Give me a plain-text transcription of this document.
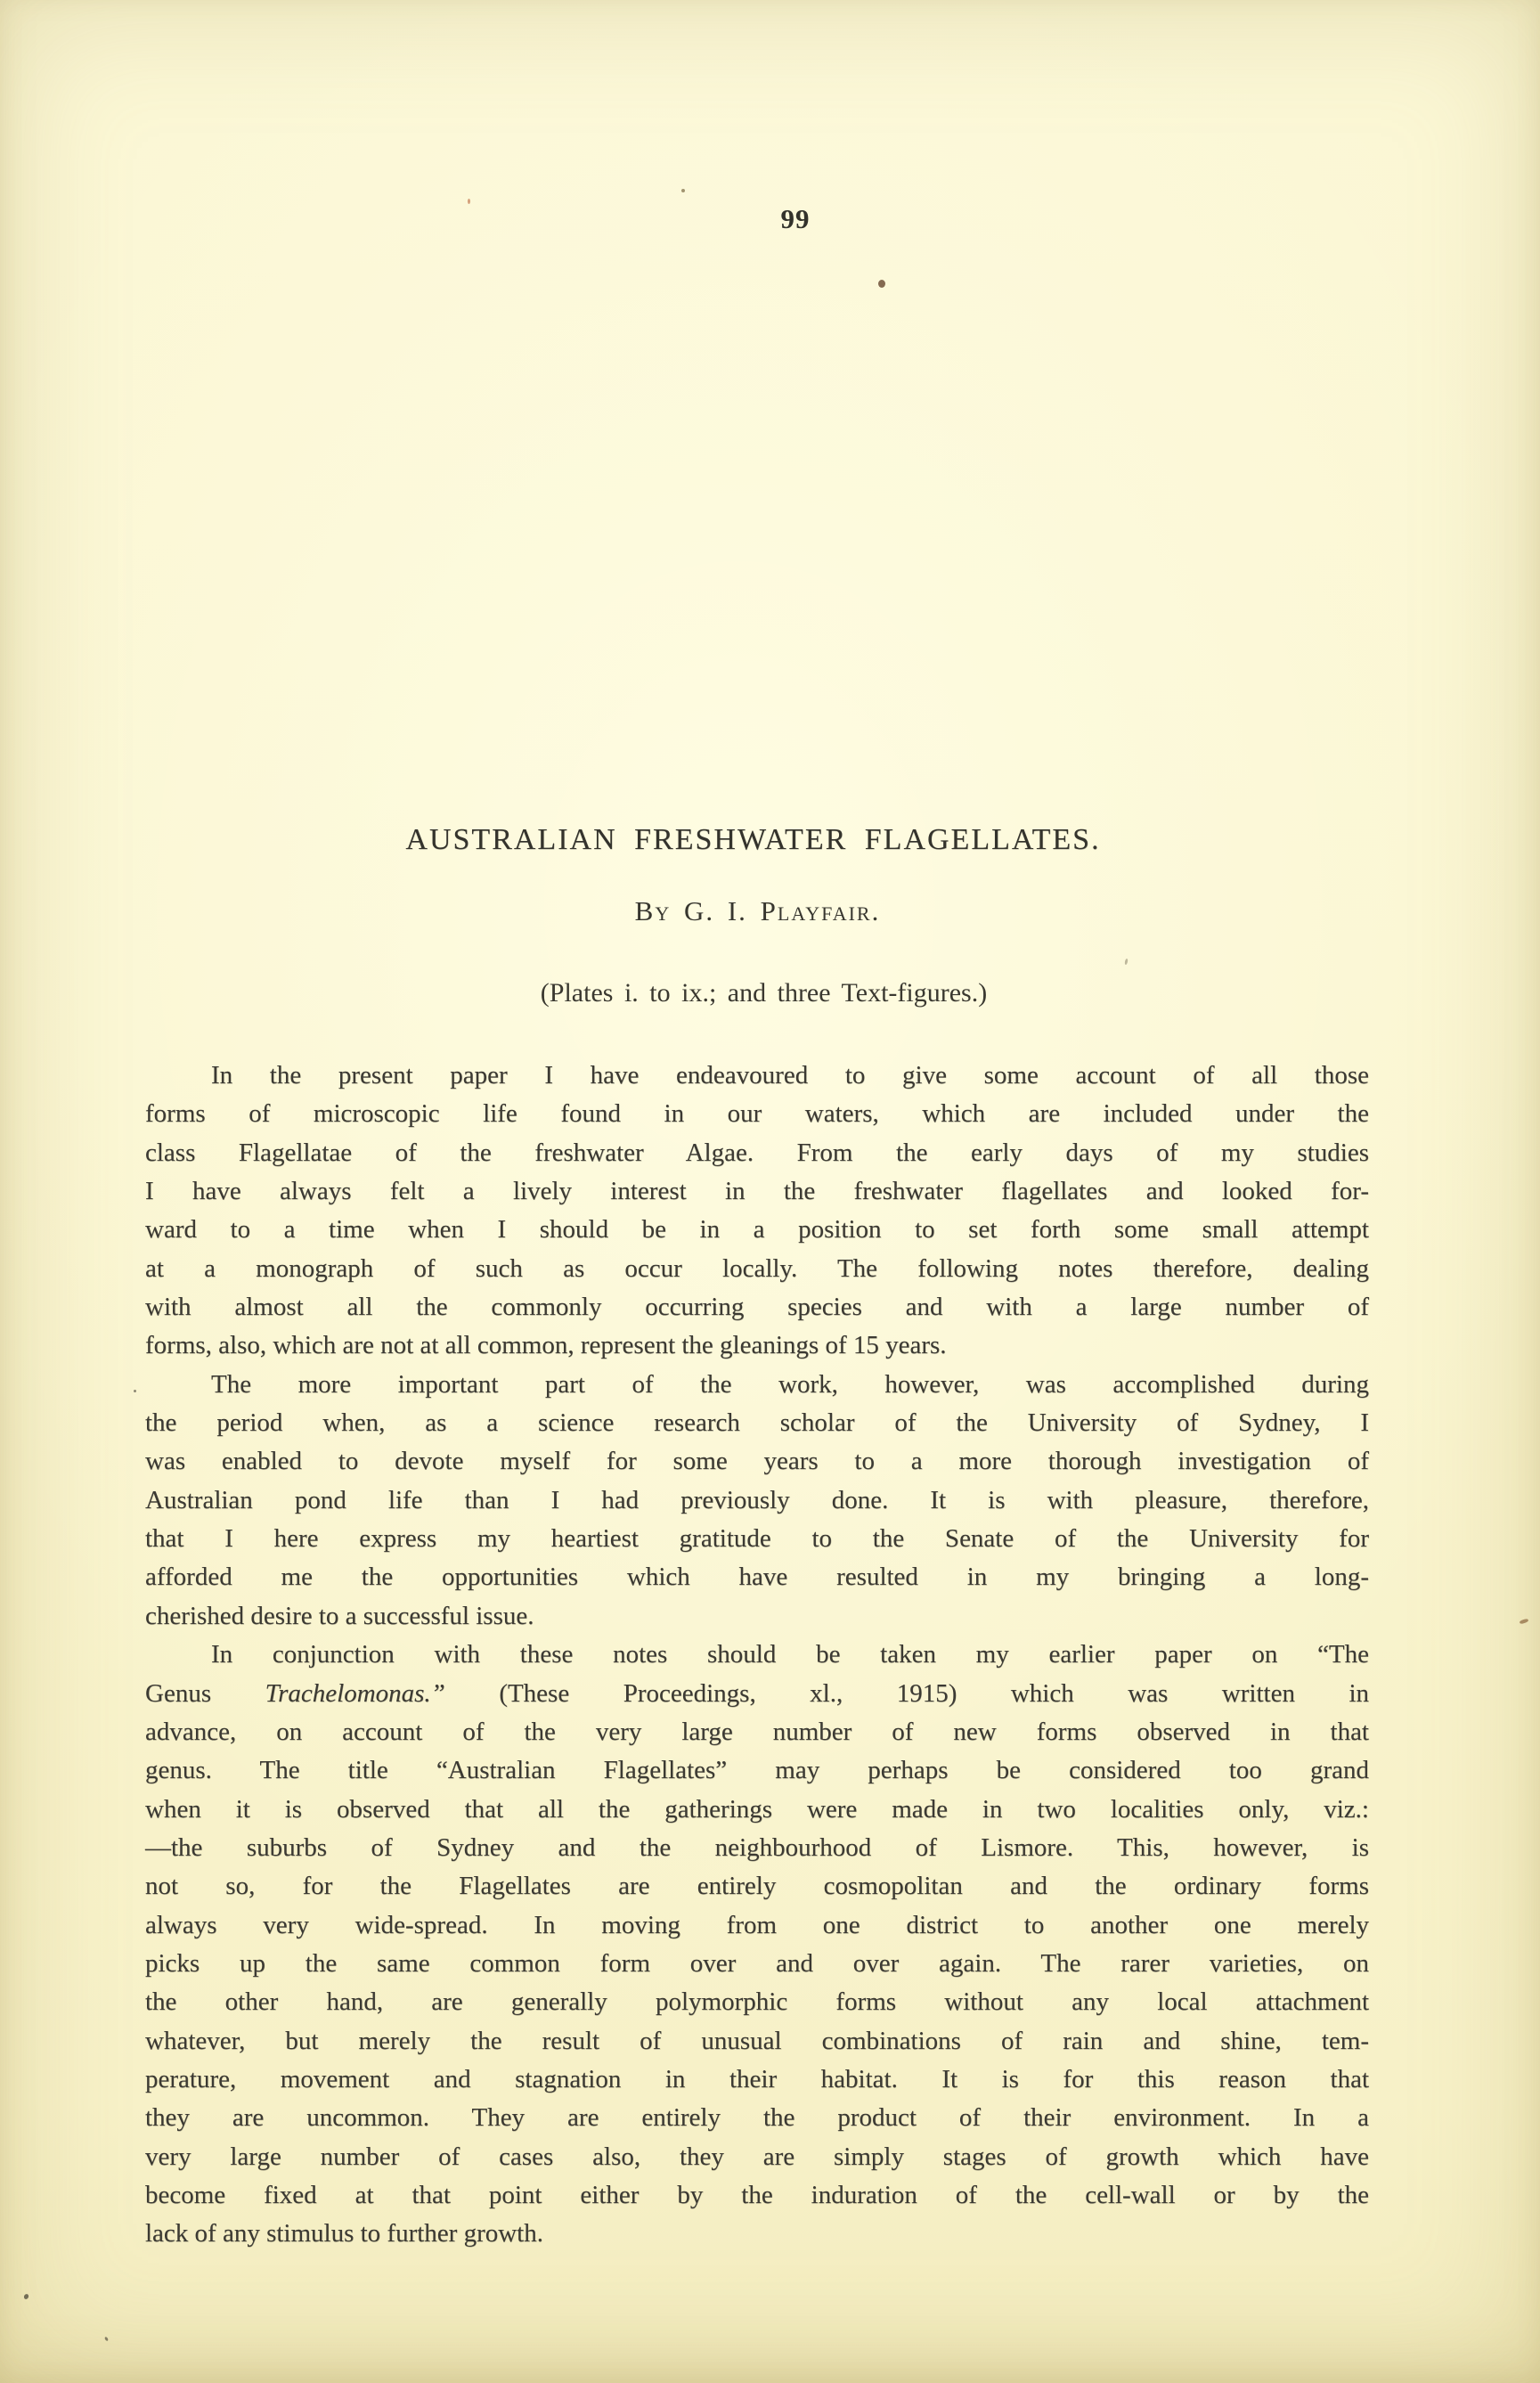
99
AUSTRALIAN FRESHWATER FLAGELLATES.
By G. I. Playfair.
(Plates i. to ix.; and three Text-figures.)
In the present paper I have endeavoured to give some account of all those
forms of microscopic life found in our waters, which are included under the
class Flagellatae of the freshwater Algae. From the early days of my studies
I have always felt a lively interest in the freshwater flagellates and looked for-
ward to a time when I should be in a position to set forth some small attempt
at a monograph of such as occur locally. The following notes therefore, dealing
with almost all the commonly occurring species and with a large number of
forms, also, which are not at all common, represent the gleanings of 15 years.
The more important part of the work, however, was accomplished during
the period when, as a science research scholar of the University of Sydney, I
was enabled to devote myself for some years to a more thorough investigation of
Australian pond life than I had previously done. It is with pleasure, therefore,
that I here express my heartiest gratitude to the Senate of the University for
afforded me the opportunities which have resulted in my bringing a long-
cherished desire to a successful issue.
In conjunction with these notes should be taken my earlier paper on “The
Genus Trachelomonas.” (These Proceedings, xl., 1915) which was written in
advance, on account of the very large number of new forms observed in that
genus. The title “Australian Flagellates” may perhaps be considered too grand
when it is observed that all the gatherings were made in two localities only, viz.:
—the suburbs of Sydney and the neighbourhood of Lismore. This, however, is
not so, for the Flagellates are entirely cosmopolitan and the ordinary forms
always very wide-spread. In moving from one district to another one merely
picks up the same common form over and over again. The rarer varieties, on
the other hand, are generally polymorphic forms without any local attachment
whatever, but merely the result of unusual combinations of rain and shine, tem-
perature, movement and stagnation in their habitat. It is for this reason that
they are uncommon. They are entirely the product of their environment. In a
very large number of cases also, they are simply stages of growth which have
become fixed at that point either by the induration of the cell-wall or by the
lack of any stimulus to further growth.
